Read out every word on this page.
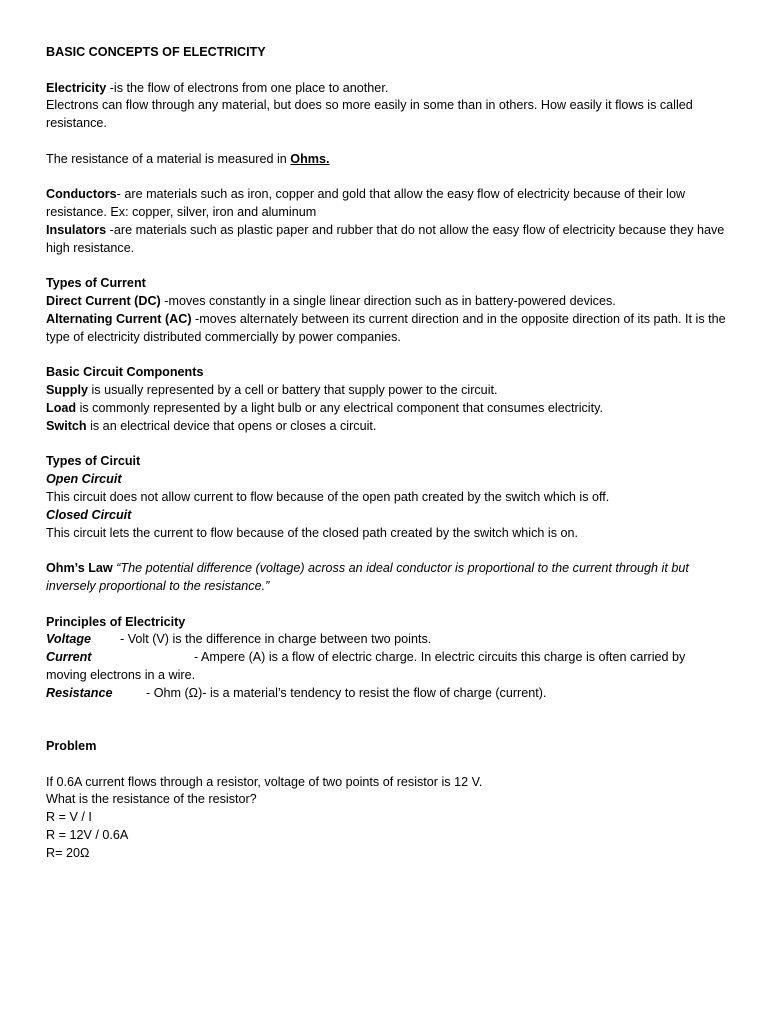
BASIC CONCEPTS OF ELECTRICITY

Electricity -is the flow of electrons from one place to another.

Electrons can flow through any material, but does so more easily in some than in others. How easily it flows is called resistance.

The resistance of a material is measured in Ohms.

Conductors- are materials such as iron, copper and gold that allow the easy flow of electricity because of their low resistance. Ex: copper, silver, iron and aluminum

Insulators -are materials such as plastic paper and rubber that do not allow the easy flow of electricity because they have high resistance.

Types of Current

Direct Current (DC) -moves constantly in a single linear direction such as in battery-powered devices.

Alternating Current (AC) -moves alternately between its current direction and in the opposite direction of its path. It is the type of electricity distributed commercially by power companies.

Basic Circuit Components

Supply is usually represented by a cell or battery that supply power to the circuit.

Load is commonly represented by a light bulb or any electrical component that consumes electricity.

Switch is an electrical device that opens or closes a circuit.

Types of Circuit

Open Circuit

This circuit does not allow current to flow because of the open path created by the switch which is off.

Closed Circuit

This circuit lets the current to flow because of the closed path created by the switch which is on.

Ohm’s Law “The potential difference (voltage) across an ideal conductor is proportional to the current through it but inversely proportional to the resistance.”

Principles of Electricity

Voltage - Volt (V) is the difference in charge between two points.

Current	- Ampere (A) is a flow of electric charge. In electric circuits this charge is often carried by moving electrons in a wire.

Resistance	- Ohm (Ω)- is a material’s tendency to resist the flow of charge (current).

Problem

If 0.6A current flows through a resistor, voltage of two points of resistor is 12 V.

What is the resistance of the resistor?

R = V / I

R = 12V / 0.6A

R= 20Ω
